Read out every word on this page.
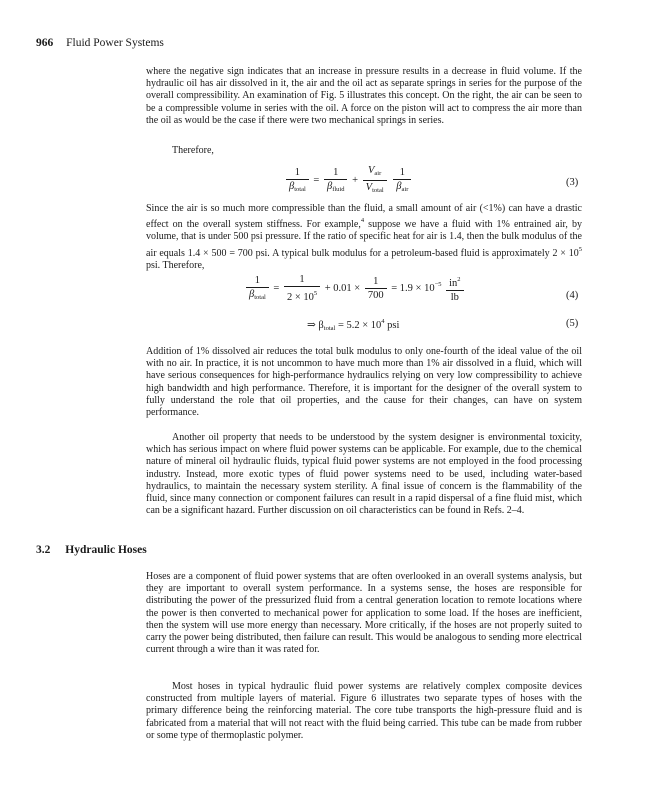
966 Fluid Power Systems

where the negative sign indicates that an increase in pressure results in a decrease in fluid volume. If the hydraulic oil has air dissolved in it, the air and the oil act as separate springs in series for the purpose of the overall compressibility. An examination of Fig. 5 illustrates this concept. On the right, the air can be seen to be a compressible volume in series with the oil. A force on the piston will act to compress the air more than the oil as would be the case if there were two mechanical springs in series.

Therefore,

$\frac{1}{\beta_{total}} = \frac{1}{\beta_{fluid}} + \frac{V_{air}}{V_{total}}$
$\frac{1}{\beta_{air}}$	(3)

Since the air is so much more compressible than the fluid, a small amount of air (<1%) can have a drastic effect on the overall system stiffness. For example,$^4$ suppose we have a fluid with 1% entrained air, by volume, that is under 500 psi pressure. If the ratio of specific heat for air is 1.4, then the bulk modulus of the air equals 1.4 × 500 = 700 psi. A typical bulk modulus for a petroleum-based fluid is approximately $2 \times 10^5$ psi. Therefore,

$\frac{1}{\beta_{total}} = \frac{1}{2 \times 10^5} + 0.01 \times \frac{1}{700} = 1.9 \times 10^{-5} \frac{in^2}{lb}$	(4)
⇒ $\beta_{total} = 5.2 \times 10^4$ psi	(5)

Addition of 1% dissolved air reduces the total bulk modulus to only one-fourth of the ideal value of the oil with no air. In practice, it is not uncommon to have much more than 1% air dissolved in a fluid, which will have serious consequences for high-performance hydraulics relying on very low compressibility to achieve high bandwidth and high performance. Therefore, it is important for the designer of the overall system to fully understand the role that oil properties, and the cause for their changes, can have on system performance.

Another oil property that needs to be understood by the system designer is environmental toxicity, which has serious impact on where fluid power systems can be applicable. For example, due to the chemical nature of mineral oil hydraulic fluids, typical fluid power systems are not employed in the food processing industry. Instead, more exotic types of fluid power systems need to be used, including water-based hydraulics, to maintain the necessary system sterility. A final issue of concern is the flammability of the fluid, since many connection or component failures can result in a rapid dispersal of a fine fluid mist, which can be a significant hazard. Further discussion on oil characteristics can be found in Refs. 2–4.

3.2 Hydraulic Hoses

Hoses are a component of fluid power systems that are often overlooked in an overall systems analysis, but they are important to overall system performance. In a systems sense, the hoses are responsible for distributing the power of the pressurized fluid from a central generation location to remote locations where the power is then converted to mechanical power for application to some load. If the hoses are inefficient, then the system will use more energy than necessary. More critically, if the hoses are not properly suited to carry the power being distributed, then failure can result. This would be analogous to sending more electrical current through a wire than it was rated for.

Most hoses in typical hydraulic fluid power systems are relatively complex composite devices constructed from multiple layers of material. Figure 6 illustrates two separate types of hoses with the primary difference being the reinforcing material. The core tube transports the high-pressure fluid and is fabricated from a material that will not react with the fluid being carried. This tube can be made from rubber or some type of thermoplastic polymer.
